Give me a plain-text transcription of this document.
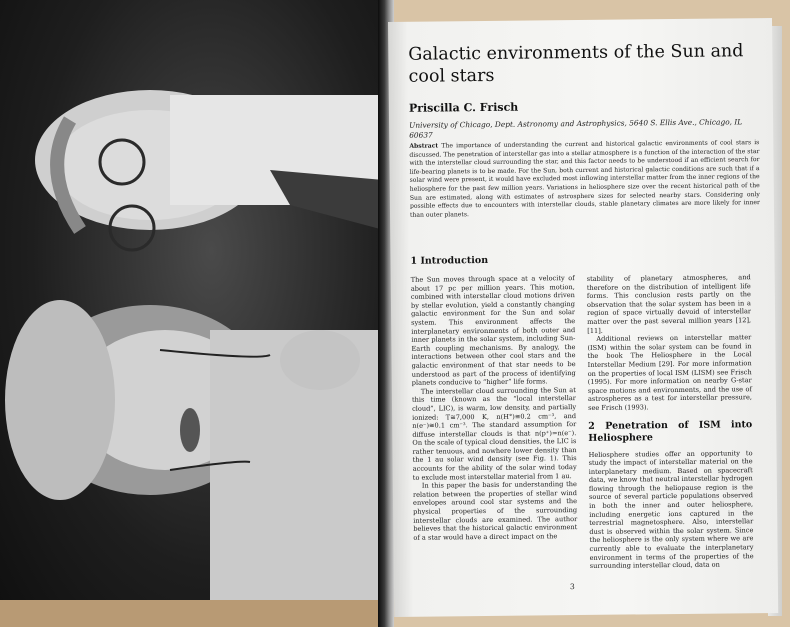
Galactic environments of the Sun and cool stars
Priscilla C. Frisch
University of Chicago, Dept. Astronomy and Astrophysics, 5640 S. Ellis Ave., Chicago, IL 60637
Abstract The importance of understanding the current and historical galactic environments of cool stars is discussed. The penetration of interstellar gas into a stellar atmosphere is a function of the interaction of the star with the interstellar cloud surrounding the star, and this factor needs to be understood if an efficient search for life-bearing planets is to be made. For the Sun, both current and historical galactic conditions are such that if a solar wind were present, it would have excluded most inflowing interstellar matter from the inner regions of the heliosphere for the past few million years. Variations in heliosphere size over the recent historical path of the Sun are estimated, along with estimates of astrosphere sizes for selected nearby stars. Considering only possible effects due to encounters with interstellar clouds, stable planetary climates are more likely for inner than outer planets.
1 Introduction

The Sun moves through space at a velocity of about 17 pc per million years. This motion, combined with interstellar cloud motions driven by stellar evolution, yield a constantly changing galactic environment for the Sun and solar system. This environment affects the interplanetary environments of both outer and inner planets in the solar system, including Sun-Earth coupling mechanisms. By analogy, the interactions between other cool stars and the galactic environment of that star needs to be understood as part of the process of identifying planets conducive to “higher” life forms.

The interstellar cloud surrounding the Sun at this time (known as the “local interstellar cloud”, LIC), is warm, low density, and partially ionized: T≅7,000 K, n(H°)≅0.2 cm⁻³, and n(e⁻)≅0.1 cm⁻³. The standard assumption for diffuse interstellar clouds is that n(p⁺)=n(e⁻). On the scale of typical cloud densities, the LIC is rather tenuous, and nowhere lower density than the 1 au solar wind density (see Fig. 1). This accounts for the ability of the solar wind today to exclude most interstellar material from 1 au.

In this paper the basis for understanding the relation between the properties of stellar wind envelopes around cool star systems and the physical properties of the surrounding interstellar clouds are examined. The author believes that the historical galactic environment of a star would have a direct impact on the

stability of planetary atmospheres, and therefore on the distribution of intelligent life forms. This conclusion rests partly on the observation that the solar system has been in a region of space virtually devoid of interstellar matter over the past several million years [12], [11].

Additional reviews on interstellar matter (ISM) within the solar system can be found in the book The Heliosphere in the Local Interstellar Medium [29]. For more information on the properties of local ISM (LISM) see Frisch (1995). For more information on nearby G-star space motions and environments, and the use of astrospheres as a test for interstellar pressure, see Frisch (1993).

2 Penetration of ISM into Heliosphere

Heliosphere studies offer an opportunity to study the impact of interstellar material on the interplanetary medium. Based on spacecraft data, we know that neutral interstellar hydrogen flowing through the heliopause region is the source of several particle populations observed in both the inner and outer heliosphere, including energetic ions captured in the terrestrial magnetosphere. Also, interstellar dust is observed within the solar system. Since the heliosphere is the only system where we are currently able to evaluate the interplanetary environment in terms of the properties of the surrounding interstellar cloud, data on

3
